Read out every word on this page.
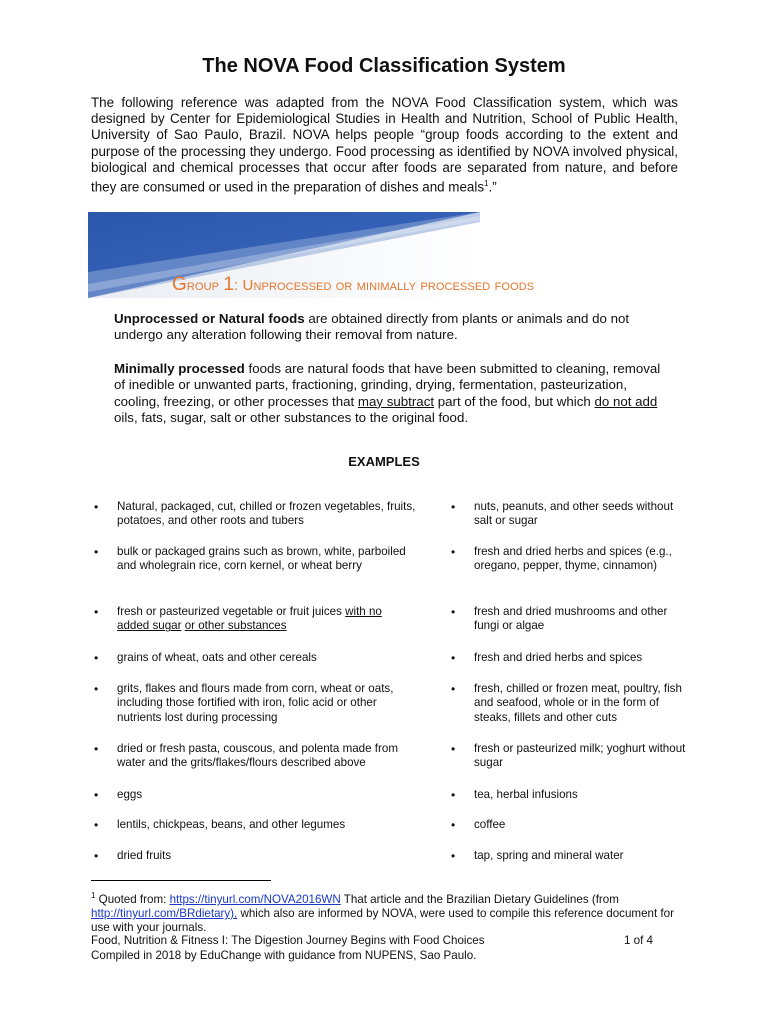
The NOVA Food Classification System
The following reference was adapted from the NOVA Food Classification system, which was designed by Center for Epidemiological Studies in Health and Nutrition, School of Public Health, University of Sao Paulo, Brazil. NOVA helps people “group foods according to the extent and purpose of the processing they undergo. Food processing as identified by NOVA involved physical, biological and chemical processes that occur after foods are separated from nature, and before they are consumed or used in the preparation of dishes and meals$^1$.”
Group 1: Unprocessed or minimally processed foods
Unprocessed or Natural foods are obtained directly from plants or animals and do not undergo any alteration following their removal from nature.
Minimally processed foods are natural foods that have been submitted to cleaning, removal of inedible or unwanted parts, fractioning, grinding, drying, fermentation, pasteurization, cooling, freezing, or other processes that may subtract part of the food, but which do not add oils, fats, sugar, salt or other substances to the original food.
EXAMPLES
• Natural, packaged, cut, chilled or frozen vegetables, fruits, potatoes, and other roots and tubers
• bulk or packaged grains such as brown, white, parboiled and wholegrain rice, corn kernel, or wheat berry
• fresh or pasteurized vegetable or fruit juices with no added sugar or other substances
• grains of wheat, oats and other cereals
• grits, flakes and flours made from corn, wheat or oats, including those fortified with iron, folic acid or other nutrients lost during processing
• dried or fresh pasta, couscous, and polenta made from water and the grits/flakes/flours described above
• eggs
• lentils, chickpeas, beans, and other legumes
• dried fruits
• nuts, peanuts, and other seeds without salt or sugar
• fresh and dried herbs and spices (e.g., oregano, pepper, thyme, cinnamon)
• fresh and dried mushrooms and other fungi or algae
• fresh and dried herbs and spices
• fresh, chilled or frozen meat, poultry, fish and seafood, whole or in the form of steaks, fillets and other cuts
• fresh or pasteurized milk; yoghurt without sugar
• tea, herbal infusions
• coffee
• tap, spring and mineral water
$^1$ Quoted from: https://tinyurl.com/NOVA2016WN That article and the Brazilian Dietary Guidelines (from http://tinyurl.com/BRdietary), which also are informed by NOVA, were used to compile this reference document for use with your journals.
Food, Nutrition & Fitness I: The Digestion Journey Begins with Food Choices	1 of 4
Compiled in 2018 by EduChange with guidance from NUPENS, Sao Paulo.
